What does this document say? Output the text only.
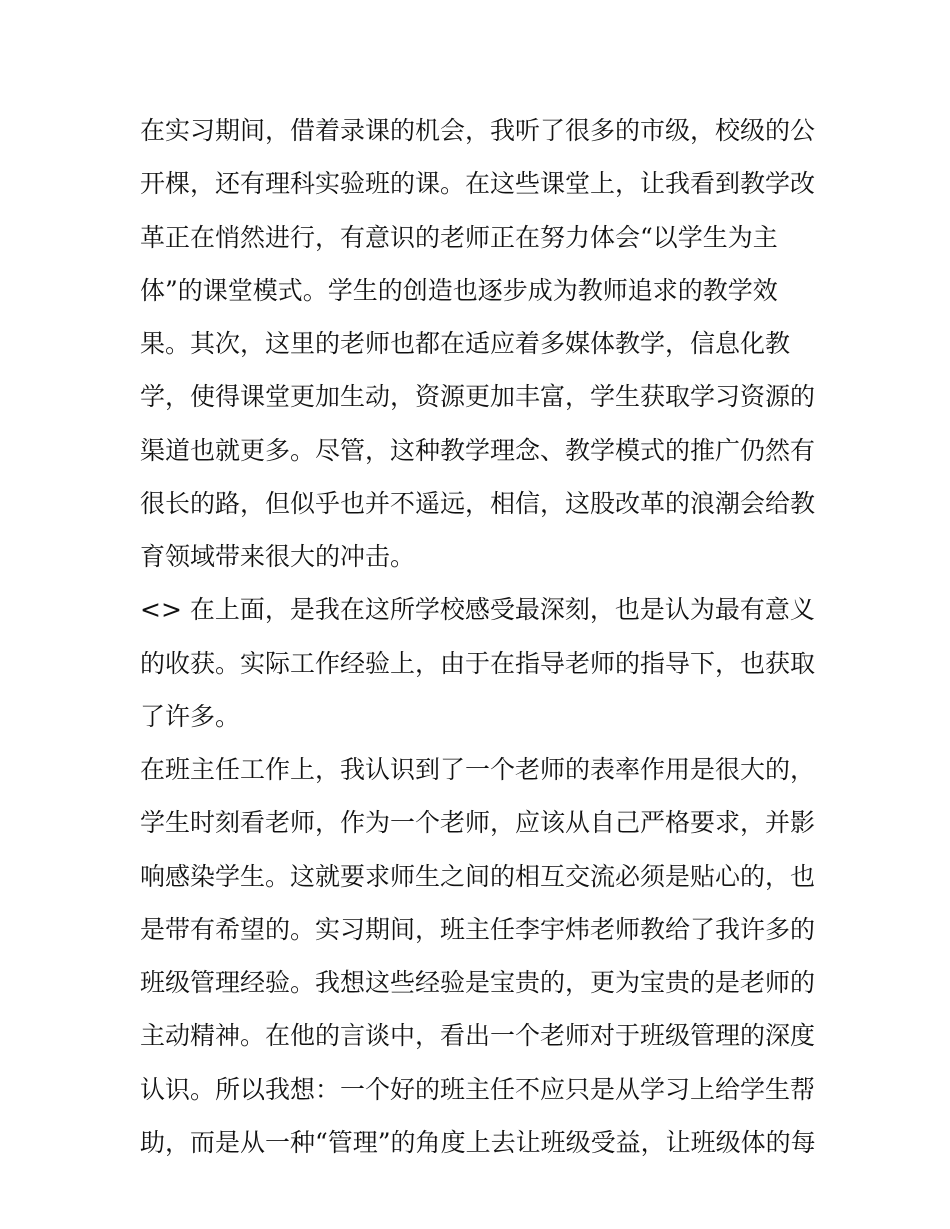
在实习期间，借着录课的机会，我听了很多的市级，校级的公
开棵，还有理科实验班的课。在这些课堂上，让我看到教学改
革正在悄然进行，有意识的老师正在努力体会“以学生为主
体”的课堂模式。学生的创造也逐步成为教师追求的教学效
果。其次，这里的老师也都在适应着多媒体教学，信息化教
学，使得课堂更加生动，资源更加丰富，学生获取学习资源的
渠道也就更多。尽管，这种教学理念、教学模式的推广仍然有
很长的路，但似乎也并不遥远，相信，这股改革的浪潮会给教
育领域带来很大的冲击。
<> 在上面，是我在这所学校感受最深刻，也是认为最有意义
的收获。实际工作经验上，由于在指导老师的指导下，也获取
了许多。
在班主任工作上，我认识到了一个老师的表率作用是很大的，
学生时刻看老师，作为一个老师，应该从自己严格要求，并影
响感染学生。这就要求师生之间的相互交流必须是贴心的，也
是带有希望的。实习期间，班主任李宇炜老师教给了我许多的
班级管理经验。我想这些经验是宝贵的，更为宝贵的是老师的
主动精神。在他的言谈中，看出一个老师对于班级管理的深度
认识。所以我想：一个好的班主任不应只是从学习上给学生帮
助，而是从一种“管理”的角度上去让班级受益，让班级体的每
